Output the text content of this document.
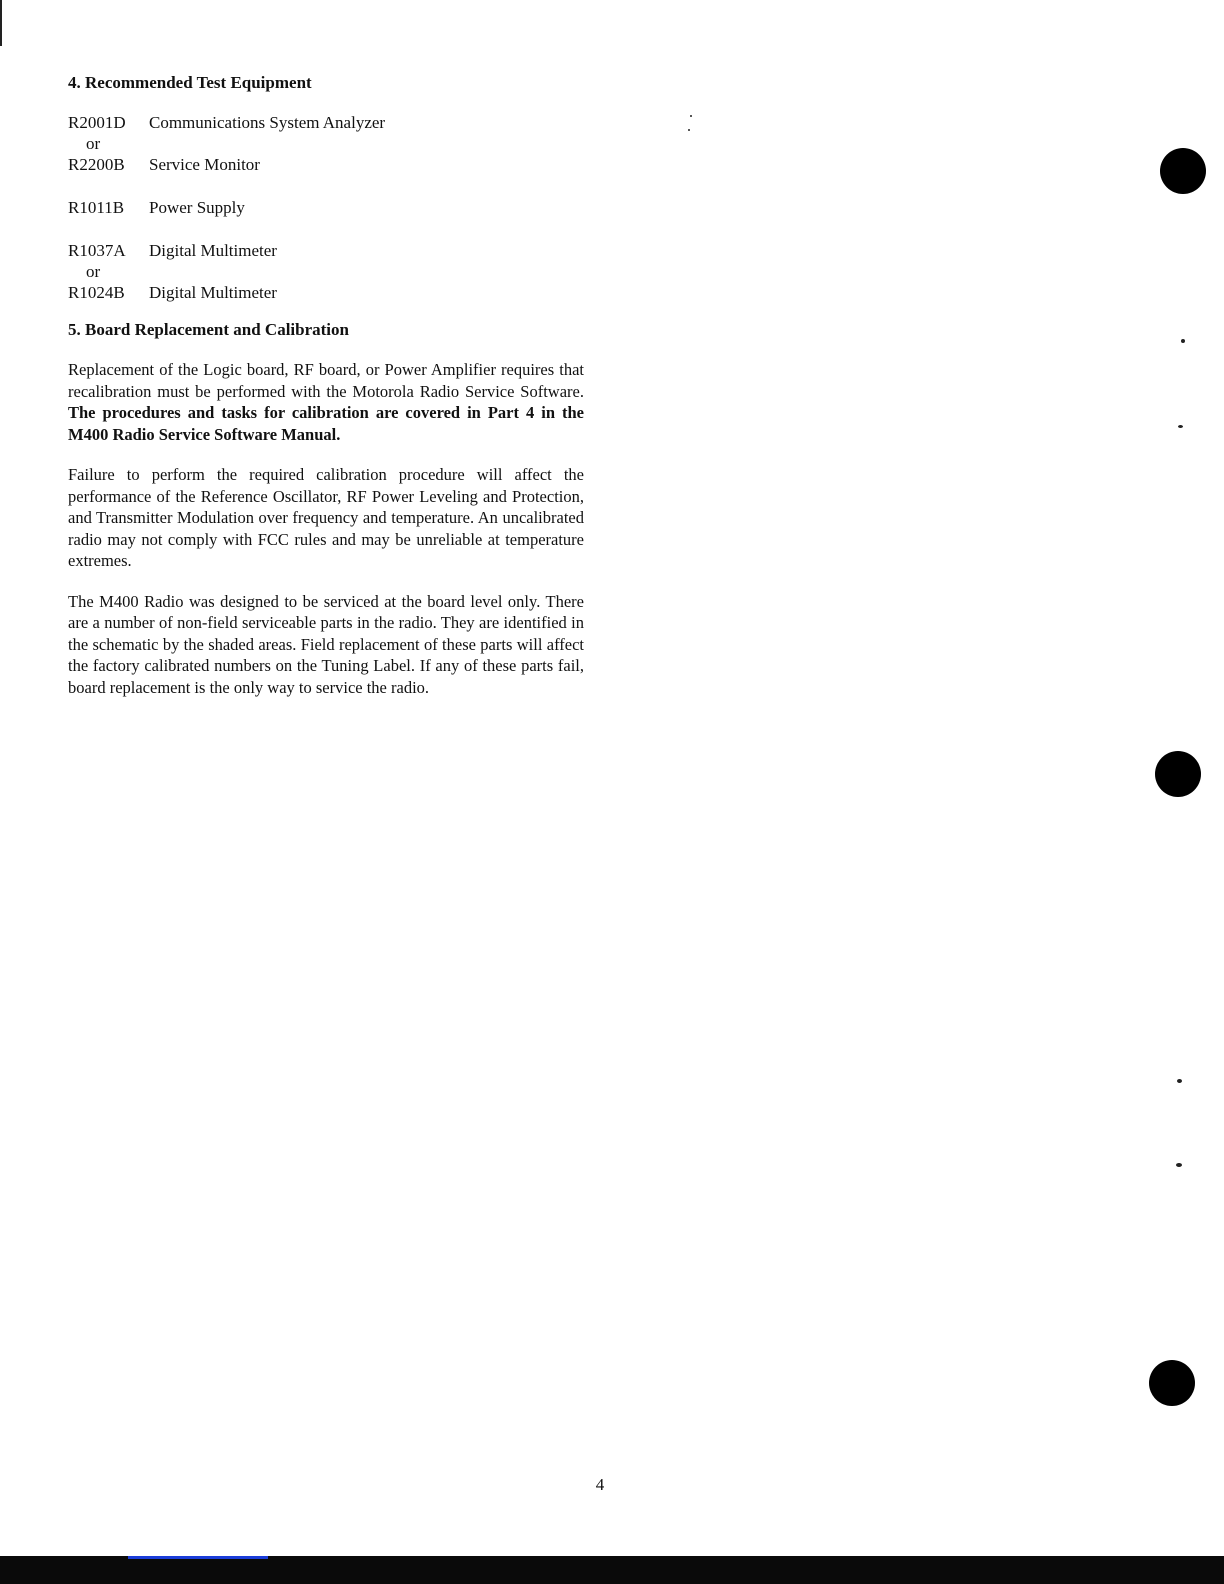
4. Recommended Test Equipment
R2001D	Communications System Analyzer
or
R2200B	Service Monitor
R1011B	Power Supply
R1037A	Digital Multimeter
or
R1024B	Digital Multimeter
5. Board Replacement and Calibration

Replacement of the Logic board, RF board, or Power Amplifier requires that recalibration must be performed with the Motorola Radio Service Software. The procedures and tasks for calibration are covered in Part 4 in the M400 Radio Service Software Manual.

Failure to perform the required calibration procedure will affect the performance of the Reference Oscillator, RF Power Leveling and Protection, and Transmitter Modulation over frequency and temperature. An uncalibrated radio may not comply with FCC rules and may be unreliable at temperature extremes.

The M400 Radio was designed to be serviced at the board level only. There are a number of non-field serviceable parts in the radio. They are identified in the schematic by the shaded areas. Field replacement of these parts will affect the factory calibrated numbers on the Tuning Label. If any of these parts fail, board replacement is the only way to service the radio.

4
